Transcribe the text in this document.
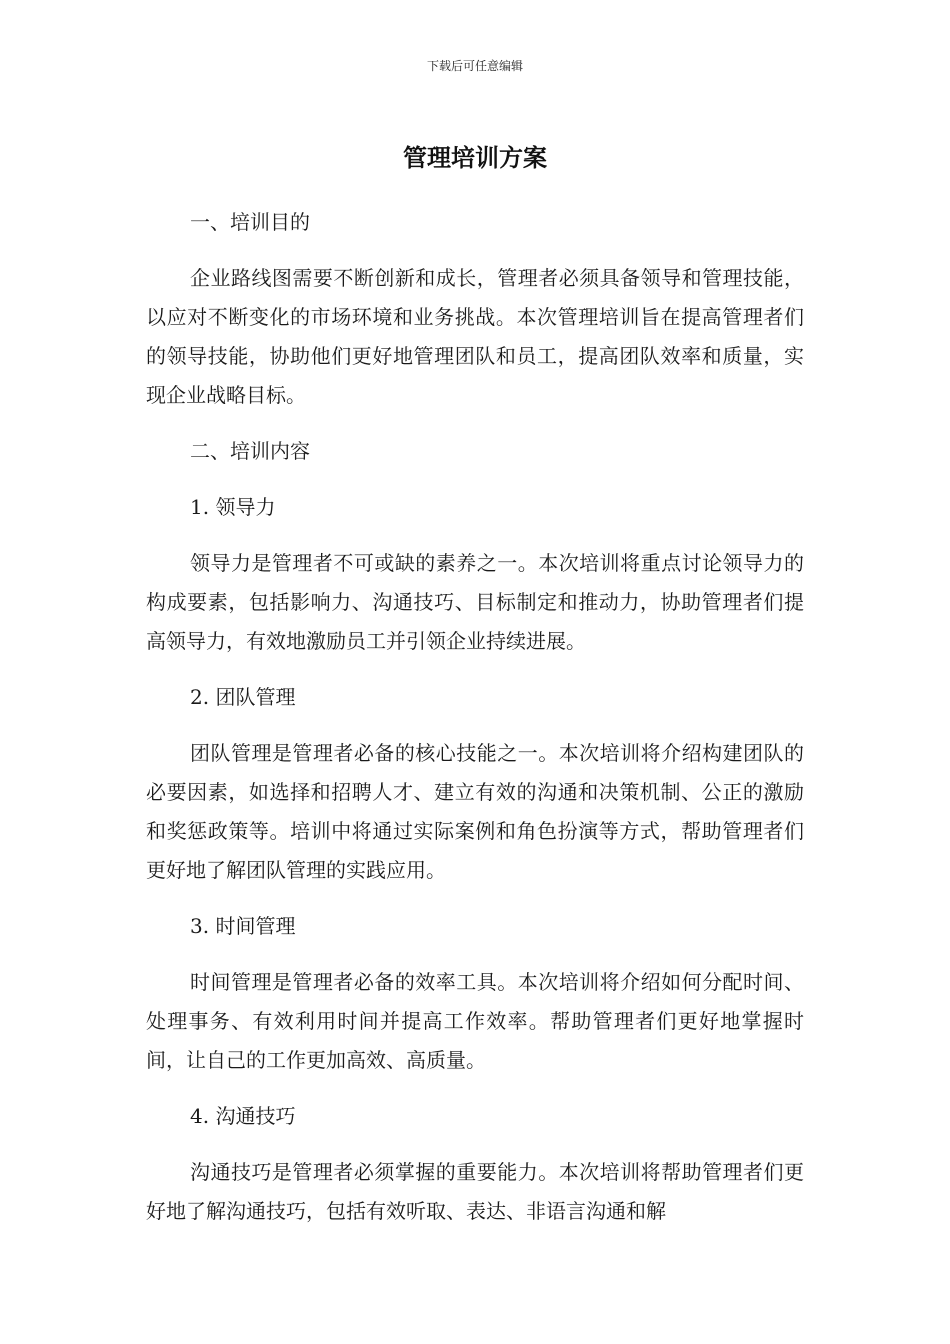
下载后可任意编辑
管理培训方案
一、培训目的
企业路线图需要不断创新和成长，管理者必须具备领导和管理技能，以应对不断变化的市场环境和业务挑战。本次管理培训旨在提高管理者们的领导技能，协助他们更好地管理团队和员工，提高团队效率和质量，实现企业战略目标。
二、培训内容
1. 领导力
领导力是管理者不可或缺的素养之一。本次培训将重点讨论领导力的构成要素，包括影响力、沟通技巧、目标制定和推动力，协助管理者们提高领导力，有效地激励员工并引领企业持续进展。
2. 团队管理
团队管理是管理者必备的核心技能之一。本次培训将介绍构建团队的必要因素，如选择和招聘人才、建立有效的沟通和决策机制、公正的激励和奖惩政策等。培训中将通过实际案例和角色扮演等方式，帮助管理者们更好地了解团队管理的实践应用。
3. 时间管理
时间管理是管理者必备的效率工具。本次培训将介绍如何分配时间、处理事务、有效利用时间并提高工作效率。帮助管理者们更好地掌握时间，让自己的工作更加高效、高质量。
4. 沟通技巧
沟通技巧是管理者必须掌握的重要能力。本次培训将帮助管理者们更好地了解沟通技巧，包括有效听取、表达、非语言沟通和解
